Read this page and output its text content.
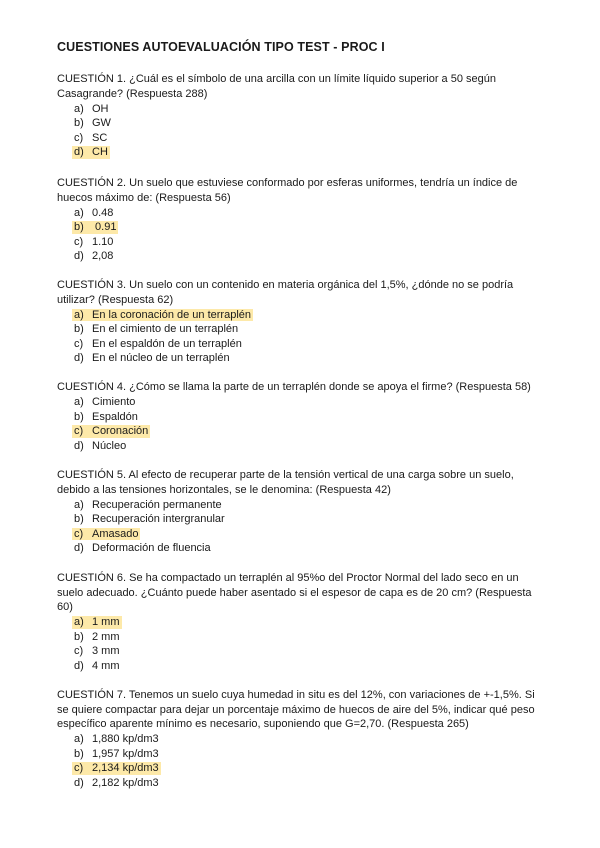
CUESTIONES AUTOEVALUACIÓN TIPO TEST - PROC I
CUESTIÓN 1. ¿Cuál es el símbolo de una arcilla con un límite líquido superior a 50 según Casagrande? (Respuesta 288)
a) OH
b) GW
c) SC
d) CH
CUESTIÓN 2. Un suelo que estuviese conformado por esferas uniformes, tendría un índice de huecos máximo de: (Respuesta 56)
a) 0.48
b) 0.91
c) 1.10
d) 2,08
CUESTIÓN 3. Un suelo con un contenido en materia orgánica del 1,5%, ¿dónde no se podría utilizar? (Respuesta 62)
a) En la coronación de un terraplén
b) En el cimiento de un terraplén
c) En el espaldón de un terraplén
d) En el núcleo de un terraplén
CUESTIÓN 4. ¿Cómo se llama la parte de un terraplén donde se apoya el firme? (Respuesta 58)
a) Cimiento
b) Espaldón
c) Coronación
d) Núcleo
CUESTIÓN 5. Al efecto de recuperar parte de la tensión vertical de una carga sobre un suelo, debido a las tensiones horizontales, se le denomina: (Respuesta 42)
a) Recuperación permanente
b) Recuperación intergranular
c) Amasado
d) Deformación de fluencia
CUESTIÓN 6. Se ha compactado un terraplén al 95%o del Proctor Normal del lado seco en un suelo adecuado. ¿Cuánto puede haber asentado si el espesor de capa es de 20 cm? (Respuesta 60)
a) 1 mm
b) 2 mm
c) 3 mm
d) 4 mm
CUESTIÓN 7. Tenemos un suelo cuya humedad in situ es del 12%, con variaciones de +-1,5%. Si se quiere compactar para dejar un porcentaje máximo de huecos de aire del 5%, indicar qué peso específico aparente mínimo es necesario, suponiendo que G=2,70. (Respuesta 265)
a) 1,880 kp/dm3
b) 1,957 kp/dm3
c) 2,134 kp/dm3
d) 2,182 kp/dm3
